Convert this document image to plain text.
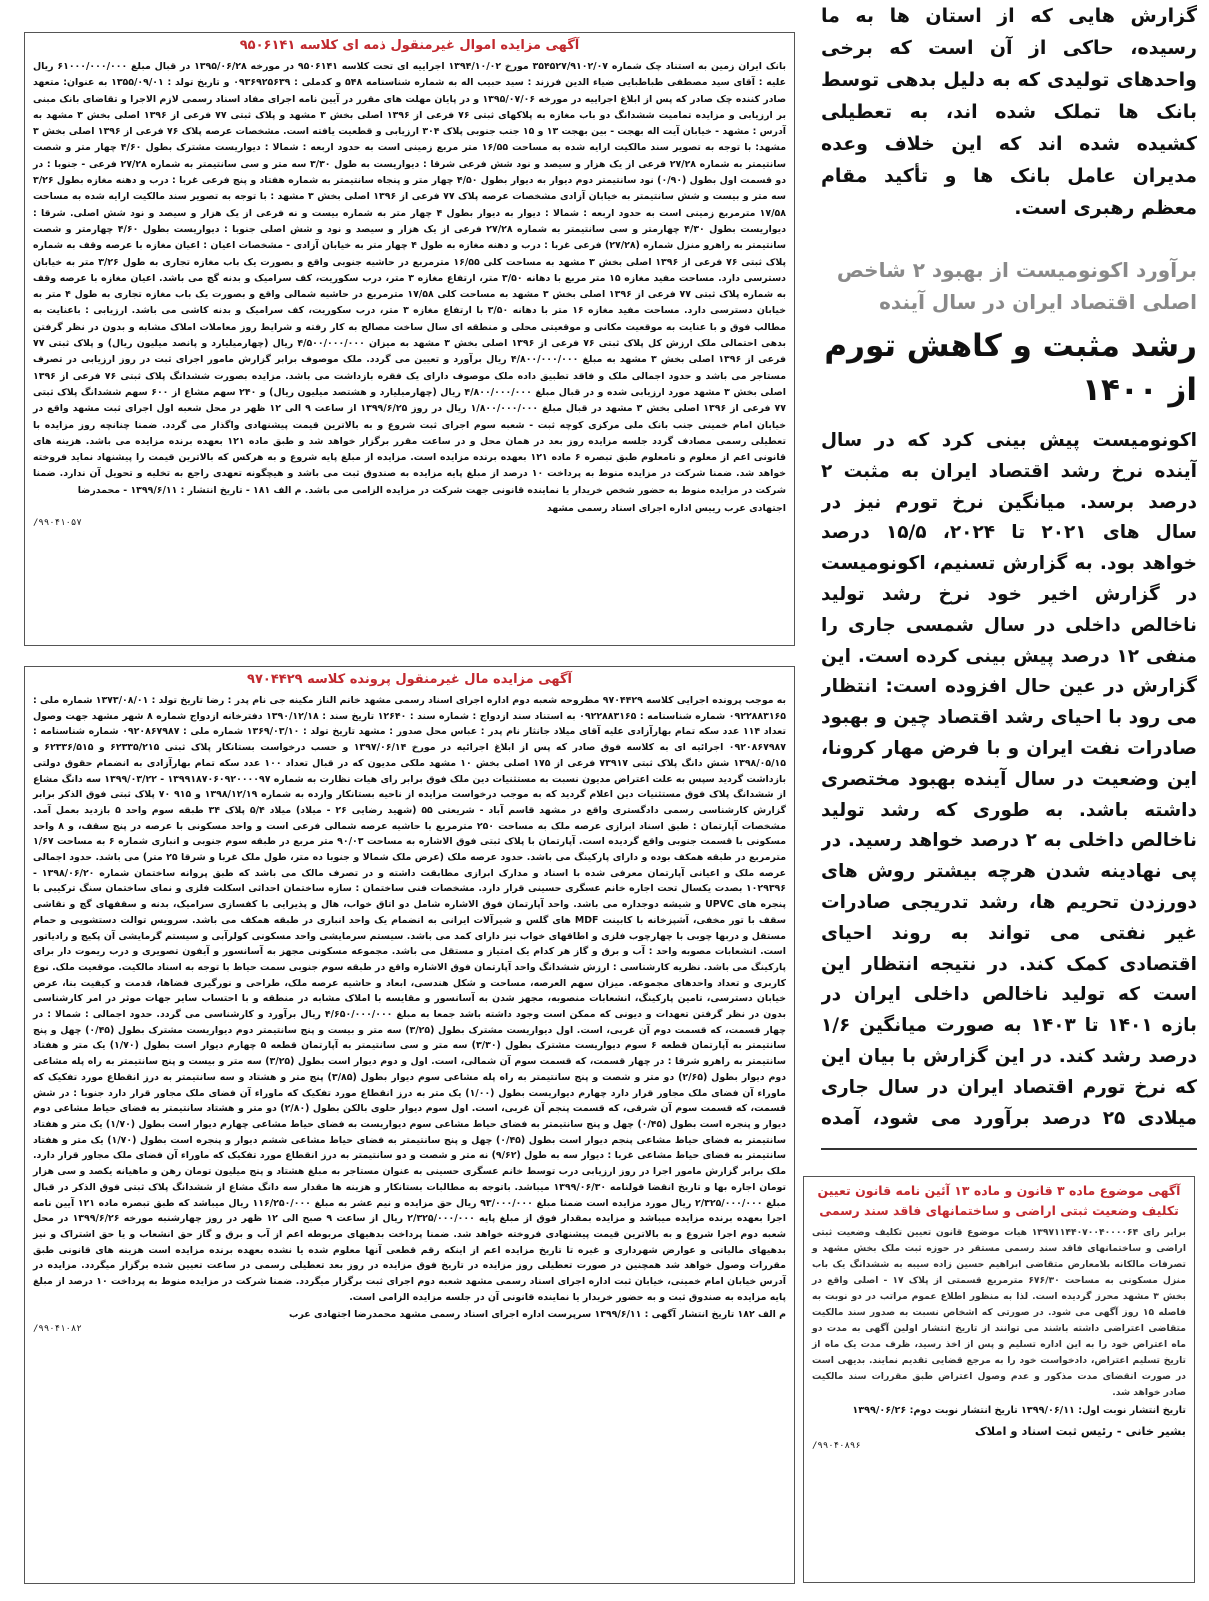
گزارش هایی که از استان ها به ما رسیده، حاکی از آن است که برخی واحدهای تولیدی که به دلیل بدهی توسط بانک ها تملک شده اند، به تعطیلی کشیده شده اند که این خلاف وعده مدیران عامل بانک ها و تأکید مقام معظم رهبری است.

برآورد اکونومیست از بهبود ۲ شاخص اصلی اقتصاد ایران در سال آینده
رشد مثبت و کاهش تورم از ۱۴۰۰

اکونومیست پیش بینی کرد که در سال آینده نرخ رشد اقتصاد ایران به مثبت ۲ درصد برسد. میانگین نرخ تورم نیز در سال های ۲۰۲۱ تا ۲۰۲۴، ۱۵/۵ درصد خواهد بود. به گزارش تسنیم، اکونومیست در گزارش اخیر خود نرخ رشد تولید ناخالص داخلی در سال شمسی جاری را منفی ۱۲ درصد پیش بینی کرده است. این گزارش در عین حال افزوده است: انتظار می رود با احیای رشد اقتصاد چین و بهبود صادرات نفت ایران و با فرض مهار کرونا، این وضعیت در سال آینده بهبود مختصری داشته باشد. به طوری که رشد تولید ناخالص داخلی به ۲ درصد خواهد رسید. در پی نهادینه شدن هرچه بیشتر روش های دورزدن تحریم ها، رشد تدریجی صادرات غیر نفتی می تواند به روند احیای اقتصادی کمک کند. در نتیجه انتظار این است که تولید ناخالص داخلی ایران در بازه ۱۴۰۱ تا ۱۴۰۳ به صورت میانگین ۱/۶ درصد رشد کند. در این گزارش با بیان این که نرخ تورم اقتصاد ایران در سال جاری میلادی ۲۵ درصد برآورد می شود، آمده

آگهی مزایده اموال غیرمنقول ذمه ای کلاسه ۹۵۰۶۱۴۱
بانک ایران زمین به استناد چک شماره ۳۵۴۵۲۷/۹۱۰۲/۰۷ مورخ ۱۳۹۴/۱۰/۰۲ اجراییه ای تحت کلاسه ۹۵۰۶۱۴۱ در مورخه ۱۳۹۵/۰۶/۲۸ در قبال مبلغ ۶۱۰۰۰/۰۰۰/۰۰۰ ریال علیه : آقای سید مصطفی طباطبایی ضیاء الدین فرزند : سید حبیب اله به شماره شناسنامه ۵۴۸ و کدملی : ۰۹۳۶۹۲۵۶۳۹ و تاریخ تولد : ۱۳۵۵/۰۹/۰۱ به عنوان: متعهد صادر کننده چک صادر که پس از ابلاغ اجراییه در مورخه ۱۳۹۵/۰۷/۰۶ و در پایان مهلت های مقرر در آیین نامه اجرای مفاد اسناد رسمی لازم الاجرا و تقاضای بانک مبنی بر ارزیابی و مزایده تمامیت ششدانگ دو باب مغازه به پلاکهای ثبتی ۷۶ فرعی از ۱۳۹۶ اصلی بخش ۳ مشهد و پلاک ثبتی ۷۷ فرعی از ۱۳۹۶ اصلی بخش ۳ مشهد به آدرس : مشهد - خیابان آیت اله بهجت - بین بهجت ۱۳ و ۱۵ جنب جنوبی پلاک ۳۰۴ ارزیابی و قطعیت یافته است. مشخصات عرصه پلاک ۷۶ فرعی از ۱۳۹۶ اصلی بخش ۳ مشهد: با توجه به تصویر سند مالکیت ارایه شده به مساحت ۱۶/۵۵ متر مربع زمینی است به حدود اربعه : شمالا : دیواریست مشترک بطول ۴/۶۰ چهار متر و شصت سانتیمتر به شماره ۲۷/۲۸ فرعی از یک هزار و سیصد و نود شش فرعی شرقا : دیواریست به طول ۳/۳۰ سه متر و سی سانتیمتر به شماره ۲۷/۲۸ فرعی - جنوبا : در دو قسمت اول بطول (۰/۹۰) نود سانتیمتر دوم دیوار به دیوار بطول ۴/۵۰ چهار متر و پنجاه سانتیمتر به شماره هفتاد و پنج فرعی غربا : درب و دهنه مغازه بطول ۳/۲۶ سه متر و بیست و شش سانتیمتر به خیابان آزادی مشخصات عرصه پلاک ۷۷ فرعی از ۱۳۹۶ اصلی بخش ۳ مشهد : با توجه به تصویر سند مالکیت ارایه شده به مساحت ۱۷/۵۸ مترمربع زمینی است به حدود اربعه : شمالا : دیوار به دیوار بطول ۴ چهار متر به شماره بیست و نه فرعی از یک هزار و سیصد و نود شش اصلی. شرقا : دیواریست بطول ۴/۳۰ چهارمتر و سی سانتیمتر به شماره ۲۷/۲۸ فرعی از یک هزار و سیصد و نود و شش اصلی جنوبا : دیواریست بطول ۴/۶۰ چهارمتر و شصت سانتیمتر به راهرو منزل شماره (۲۷/۲۸) فرعی غربا : درب و دهنه مغازه به طول ۴ چهار متر به خیابان آزادی - مشخصات اعیان : اعیان مغازه با عرصه وقف به شماره پلاک ثبتی ۷۶ فرعی از ۱۳۹۶ اصلی بخش ۳ مشهد به مساحت کلی ۱۶/۵۵ مترمربع در حاشیه جنوبی واقع و بصورت یک باب مغازه تجاری به طول ۳/۲۶ متر به خیابان دسترسی دارد. مساحت مفید مغازه ۱۵ متر مربع با دهانه ۳/۵۰ متر، ارتفاع مغازه ۳ متر، درب سکوریت، کف سرامیک و بدنه گچ می باشد. اعیان مغازه با عرصه وقف به شماره پلاک ثبتی ۷۷ فرعی از ۱۳۹۶ اصلی بخش ۳ مشهد به مساحت کلی ۱۷/۵۸ مترمربع در حاشیه شمالی واقع و بصورت یک باب مغازه تجاری به طول ۴ متر به خیابان دسترسی دارد. مساحت مفید مغازه ۱۶ متر با دهانه ۳/۵۰ با ارتفاع مغازه ۳ متر، درب سکوریت، کف سرامیک و بدنه کاشی می باشد. ارزیابی : باعنایت به مطالب فوق و با عنایت به موقعیت مکانی و موقعیتی محلی و منطقه ای سال ساخت مصالح به کار رفته و شرایط روز معاملات املاک مشابه و بدون در نظر گرفتن بدهی احتمالی ملک ارزش کل پلاک ثبتی ۷۶ فرعی از ۱۳۹۶ اصلی بخش ۳ مشهد به میزان ۴/۵۰۰/۰۰۰/۰۰۰ ریال (چهارمیلیارد و پانصد میلیون ریال) و پلاک ثبتی ۷۷ فرعی از ۱۳۹۶ اصلی بخش ۳ مشهد به مبلغ ۴/۸۰۰/۰۰۰/۰۰۰ ریال برآورد و تعیین می گردد. ملک موصوف برابر گزارش مامور اجرای ثبت در روز ارزیابی در تصرف مستاجر می باشد و حدود اجمالی ملک و فاقد تطبیق داده ملک موصوف دارای یک فقره بازداشت می باشد. مزایده بصورت ششدانگ پلاک ثبتی ۷۶ فرعی از ۱۳۹۶ اصلی بخش ۳ مشهد مورد ارزیابی شده و در قبال مبلغ ۴/۸۰۰/۰۰۰/۰۰۰ ریال (چهارمیلیارد و هشتصد میلیون ریال) و ۲۴۰ سهم مشاع از ۶۰۰ سهم ششدانگ پلاک ثبتی ۷۷ فرعی از ۱۳۹۶ اصلی بخش ۳ مشهد در قبال مبلغ ۱/۸۰۰/۰۰۰/۰۰۰ ریال در روز ۱۳۹۹/۶/۲۵ از ساعت ۹ الی ۱۲ ظهر در محل شعبه اول اجرای ثبت مشهد واقع در خیابان امام خمینی جنب بانک ملی مرکزی کوچه ثبت - شعبه سوم اجرای ثبت شروع و به بالاترین قیمت پیشنهادی واگذار می گردد. ضمنا چنانچه روز مزایده با تعطیلی رسمی مصادف گردد جلسه مزایده روز بعد در همان محل و در ساعت مقرر برگزار خواهد شد و طبق ماده ۱۲۱ بعهده برنده مزایده می باشد. هزینه های قانونی اعم از معلوم و نامعلوم طبق تبصره ۶ ماده ۱۲۱ بعهده برنده مزایده است. مزایده از مبلغ پایه شروع و به هرکس که بالاترین قیمت را پیشنهاد نماید فروخته خواهد شد. ضمنا شرکت در مزایده منوط به پرداخت ۱۰ درصد از مبلغ پایه مزایده به صندوق ثبت می باشد و هیچگونه تعهدی راجع به تخلیه و تحویل آن ندارد. ضمنا شرکت در مزایده منوط به حضور شخص خریدار یا نماینده قانونی جهت شرکت در مزایده الزامی می باشد. م الف ۱۸۱ - تاریخ انتشار : ۱۳۹۹/۶/۱۱ - محمدرضا
اجتهادی عرب رییس اداره اجرای اسناد رسمی مشهد
/۹۹۰۴۱۰۵۷
آگهی مزایده مال غیرمنقول پرونده کلاسه ۹۷۰۴۴۲۹
به موجب پرونده اجرایی کلاسه ۹۷۰۴۴۲۹ مطروحه شعبه دوم اداره اجرای اسناد رسمی مشهد خانم الناز مکینه جی نام پدر : رضا تاریخ تولد : ۱۳۷۳/۰۸/۰۱ شماره ملی : ۰۹۲۲۸۸۳۱۶۵ شماره شناسنامه : ۰۹۲۲۸۸۳۱۶۵ به استناد سند ازدواج : شماره سند : ۱۲۶۴۰ تاریخ سند : ۱۳۹۰/۱۲/۱۸ دفترخانه ازدواج شماره ۸ شهر مشهد جهت وصول تعداد ۱۱۴ عدد سکه تمام بهارآزادی علیه آقای میلاد جانثار نام پدر : عباس محل صدور : مشهد تاریخ تولد : ۱۳۶۹/۰۳/۱۰ شماره ملی : ۰۹۲۰۸۶۷۹۸۷ شماره شناسنامه : ۰۹۲۰۸۶۷۹۸۷ اجرائیه ای به کلاسه فوق صادر که پس از ابلاغ اجرائیه در مورخ ۱۳۹۷/۰۶/۱۴ و حسب درخواست بستانکار پلاک ثبتی ۶۲۳۳۵/۲۱۵ و ۶۲۳۳۶/۵۱۵ و ۱۳۹۸/۰۵/۱۵ شش دانگ پلاک ثبتی ۷۳۹۱۷ فرعی از ۱۷۵ اصلی بخش ۱۰ مشهد ملکی مدیون که در قبال تعداد ۱۰۰ عدد سکه تمام بهارآزادی به انضمام حقوق دولتی بازداشت گردید سپس به علت اعتراض مدیون نسبت به مستثنیات دین ملک فوق برابر رای هیات نظارت به شماره ۱۳۹۹۱۸۷۰۶۰۹۲۰۰۰۰۹۷ - ۱۳۹۹/۰۳/۲۲ سه دانگ مشاع از ششدانگ پلاک فوق مستثنیات دین اعلام گردید که به موجب درخواست مزایده از ناحیه بستانکار وارده به شماره ۱۳۹۸/۱۲/۱۹ و ۹۱۵ ۷۰ پلاک ثبتی فوق الذکر برابر گزارش کارشناسی رسمی دادگستری واقع در مشهد قاسم آباد - شریعتی ۵۵ (شهید رضایی ۲۶ - میلاد) میلاد ۵/۴ پلاک ۳۴ طبقه سوم واحد ۵ بازدید بعمل آمد. مشخصات آپارتمان : طبق اسناد ابرازی عرصه ملک به مساحت ۲۵۰ مترمربع با حاشیه عرصه شمالی فرعی است و واحد مسکونی با عرصه در پنج سقف، و ۸ واحد مسکونی با قسمت جنوبی واقع گردیده است. آپارتمان با پلاک ثبتی فوق الاشاره به مساحت ۹۰/۰۳ متر مربع در طبقه سوم جنوبی و انباری شماره ۶ به مساحت ۱/۶۷ مترمربع در طبقه همکف بوده و دارای پارکینگ می باشد. حدود عرصه ملک (عرض ملک شمالا و جنوبا ده متر، طول ملک غربا و شرقا ۲۵ متر) می باشد. حدود اجمالی عرصه ملک و اعیانی آپارتمان معرفی شده با اسناد و مدارک ابرازی مطابقت داشته و در تصرف مالک می باشد که طبق پروانه ساختمان شماره ۱۳۹۸/۰۶/۲۰ - ۱۰۲۹۳۹۶ بصدت یکسال تحت اجاره خانم عسگری حسینی قرار دارد. مشخصات فنی ساختمان : سازه ساختمان احداثی اسکلت فلزی و نمای ساختمان سنگ ترکیبی با پنجره های UPVC و شیشه دوجداره می باشد. واحد آپارتمان فوق الاشاره شامل دو اتاق خواب، هال و پذیرایی با کفسازی سرامیک، بدنه و سقفهای گچ و نقاشی سقف با تور مخفی، آشپزخانه با کابینت MDF های گلس و شیرآلات ایرانی به انضمام یک واحد انباری در طبقه همکف می باشد. سرویس توالت دستشویی و حمام مستقل و دربها چوبی با چهارچوب فلزی و اطاقهای خواب نیز دارای کمد می باشد. سیستم سرمایشی واحد مسکونی کولرآبی و سیستم گرمایشی آن پکیج و رادیاتور است. انشعابات مصوبه واحد : آب و برق و گاز هر کدام یک امتیاز و مستقل می باشد. مجموعه مسکونی مجهز به آسانسور و آیفون تصویری و درب ریموت دار برای پارکینگ می باشد. نظریه کارشناسی : ارزش ششدانگ واحد آپارتمان فوق الاشاره واقع در طبقه سوم جنوبی سمت حیاط با توجه به اسناد مالکیت. موقعیت ملک. نوع کاربری و تعداد واحدهای مجموعه. میزان سهم العرصه، مساحت و شکل هندسی، ابعاد و حاشیه عرصه ملک، طراحی و نورگیری فضاها، قدمت و کیفیت بنا، عرض خیابان دسترسی، تامین پارکینگ، انشعابات منصوبه، مجهز شدن به آسانسور و مقایسه با املاک مشابه در منطقه و با احتساب سایر جهات موثر در امر کارشناسی بدون در نظر گرفتن تعهدات و دیونی که ممکن است وجود داشته باشد جمعا به مبلغ ۴/۶۵۰/۰۰۰/۰۰۰ ریال برآورد و کارشناسی می گردد. حدود اجمالی : شمالا : در چهار قسمت، که قسمت دوم آن غربی، است. اول دیواریست مشترک بطول (۳/۲۵) سه متر و بیست و پنج سانتیمتر دوم دیواریست مشترک بطول (۰/۴۵) چهل و پنج سانتیمتر به آپارتمان قطعه ۶ سوم دیواریست مشترک بطول (۳/۳۰) سه متر و سی سانتیمتر به آپارتمان قطعه ۵ چهارم دیوار است بطول (۱/۷۰) یک متر و هفتاد سانتیمتر به راهرو شرقا : در چهار قسمت، که قسمت سوم آن شمالی، است. اول و دوم دیوار است بطول (۳/۲۵) سه متر و بیست و پنج سانتیمتر به راه پله مشاعی دوم دیوار بطول (۲/۶۵) دو متر و شصت و پنج سانتیمتر به راه پله مشاعی سوم دیوار بطول (۳/۸۵) پنج متر و هشتاد و سه سانتیمتر به درز انقطاع مورد تفکیک که ماوراء آن فضای ملک مجاور قرار دارد چهارم دیواریست بطول (۱/۰۰) یک متر به درز انقطاع مورد تفکیک که ماوراء آن فضای ملک مجاور قرار دارد جنوبا : در شش قسمت، که قسمت سوم آن شرقی، که قسمت پنجم آن غربی، است. اول سوم دیوار حلوی بالکن بطول (۲/۸۰) دو متر و هشتاد سانتیمتر به فضای حیاط مشاعی دوم دیوار و پنجره است بطول (۰/۴۵) چهل و پنج سانتیمتر به فضای حیاط مشاعی سوم دیواریست به فضای حیاط مشاعی چهارم دیوار است بطول (۱/۷۰) یک متر و هفتاد سانتیمتر به فضای حیاط مشاعی پنجم دیوار است بطول (۰/۴۵) چهل و پنج سانتیمتر به فضای حیاط مشاعی ششم دیوار و پنجره است بطول (۱/۷۰) یک متر و هفتاد سانتیمتر به فضای حیاط مشاعی غربا : دیوار سه به طول (۹/۶۲) نه متر و شصت و دو سانتیمتر به درز انقطاع مورد تفکیک که ماوراء آن فضای ملک مجاور قرار دارد. ملک برابر گزارش مامور اجرا در روز ارزیابی درب توسط خانم عسگری حسینی به عنوان مستاجر به مبلغ هشتاد و پنج میلیون تومان رهن و ماهیانه یکصد و سی هزار تومان اجاره بها و تاریخ انقضا قولنامه ۱۳۹۹/۰۶/۳۰ میباشد. باتوجه به مطالبات بستانکار و هزینه ها مقدار سه دانگ مشاع از ششدانگ پلاک ثبتی فوق الذکر در قبال مبلغ ۲/۳۲۵/۰۰۰/۰۰۰ ریال مورد مزایده است ضمنا مبلغ ۹۳/۰۰۰/۰۰۰ ریال حق مزایده و نیم عشر به مبلغ ۱۱۶/۲۵۰/۰۰۰ ریال میباشد که طبق تبصره ماده ۱۲۱ آیین نامه اجرا بعهده برنده مزایده میباشد و مزایده بمقدار فوق از مبلغ پایه ۲/۳۲۵/۰۰۰/۰۰۰ ریال از ساعت ۹ صبح الی ۱۲ ظهر در روز چهارشنبه مورخه ۱۳۹۹/۶/۲۶ در محل شعبه دوم اجرا شروع و به بالاترین قیمت پیشنهادی فروخته خواهد شد. ضمنا پرداخت بدهیهای مربوطه اعم از آب و برق و گاز حق انشعاب و یا حق اشتراک و نیز بدهیهای مالیاتی و عوارض شهرداری و غیره تا تاریخ مزایده اعم از اینکه رقم قطعی آنها معلوم شده یا نشده بعهده برنده مزایده است هزینه های قانونی طبق مقررات وصول خواهد شد همچنین در صورت تعطیلی روز مزایده در تاریخ فوق مزایده در روز بعد تعطیلی رسمی در ساعت تعیین شده برگزار میگردد. مزایده در آدرس خیابان امام خمینی، خیابان ثبت اداره اجرای اسناد رسمی مشهد شعبه دوم اجرای ثبت برگزار میگردد. ضمنا شرکت در مزایده منوط به پرداخت ۱۰ درصد از مبلغ پایه مزایده به صندوق ثبت و به حضور خریدار یا نماینده قانونی آن در جلسه مزایده الزامی است.
م الف ۱۸۲ تاریخ انتشار آگهی : ۱۳۹۹/۶/۱۱ سرپرست اداره اجرای اسناد رسمی مشهد محمدرضا اجتهادی عرب
/۹۹۰۴۱۰۸۲
آگهی موضوع ماده ۳ قانون و ماده ۱۳ آئین نامه قانون تعیین تکلیف وضعیت ثبتی اراضی و ساختمانهای فاقد سند رسمی
برابر رای ۱۳۹۷۱۱۴۴۰۷۰۰۴۰۰۰۰۶۴ هیات موضوع قانون تعیین تکلیف وضعیت ثبتی اراضی و ساختمانهای فاقد سند رسمی مستقر در حوزه ثبت ملک بخش مشهد و تصرفات مالکانه بلامعارض متقاضی ابراهیم حسین زاده سیبه به ششدانگ یک باب منزل مسکونی به مساحت ۶۷۶/۳۰ مترمربع قسمتی از پلاک ۱۷ - اصلی واقع در بخش ۳ مشهد محرز گردیده است. لذا به منظور اطلاع عموم مراتب در دو نوبت به فاصله ۱۵ روز آگهی می شود. در صورتی که اشخاص نسبت به صدور سند مالکیت متقاضی اعتراضی داشته باشند می توانند از تاریخ انتشار اولین آگهی به مدت دو ماه اعتراض خود را به این اداره تسلیم و پس از اخذ رسید، ظرف مدت یک ماه از تاریخ تسلیم اعتراض، دادخواست خود را به مرجع قضایی تقدیم نمایند. بدیهی است در صورت انقضای مدت مذکور و عدم وصول اعتراض طبق مقررات سند مالکیت صادر خواهد شد.
تاریخ انتشار نوبت اول: ۱۳۹۹/۰۶/۱۱ تاریخ انتشار نوبت دوم: ۱۳۹۹/۰۶/۲۶
بشیر خانی - رئیس ثبت اسناد و املاک
/۹۹۰۴۰۸۹۶
